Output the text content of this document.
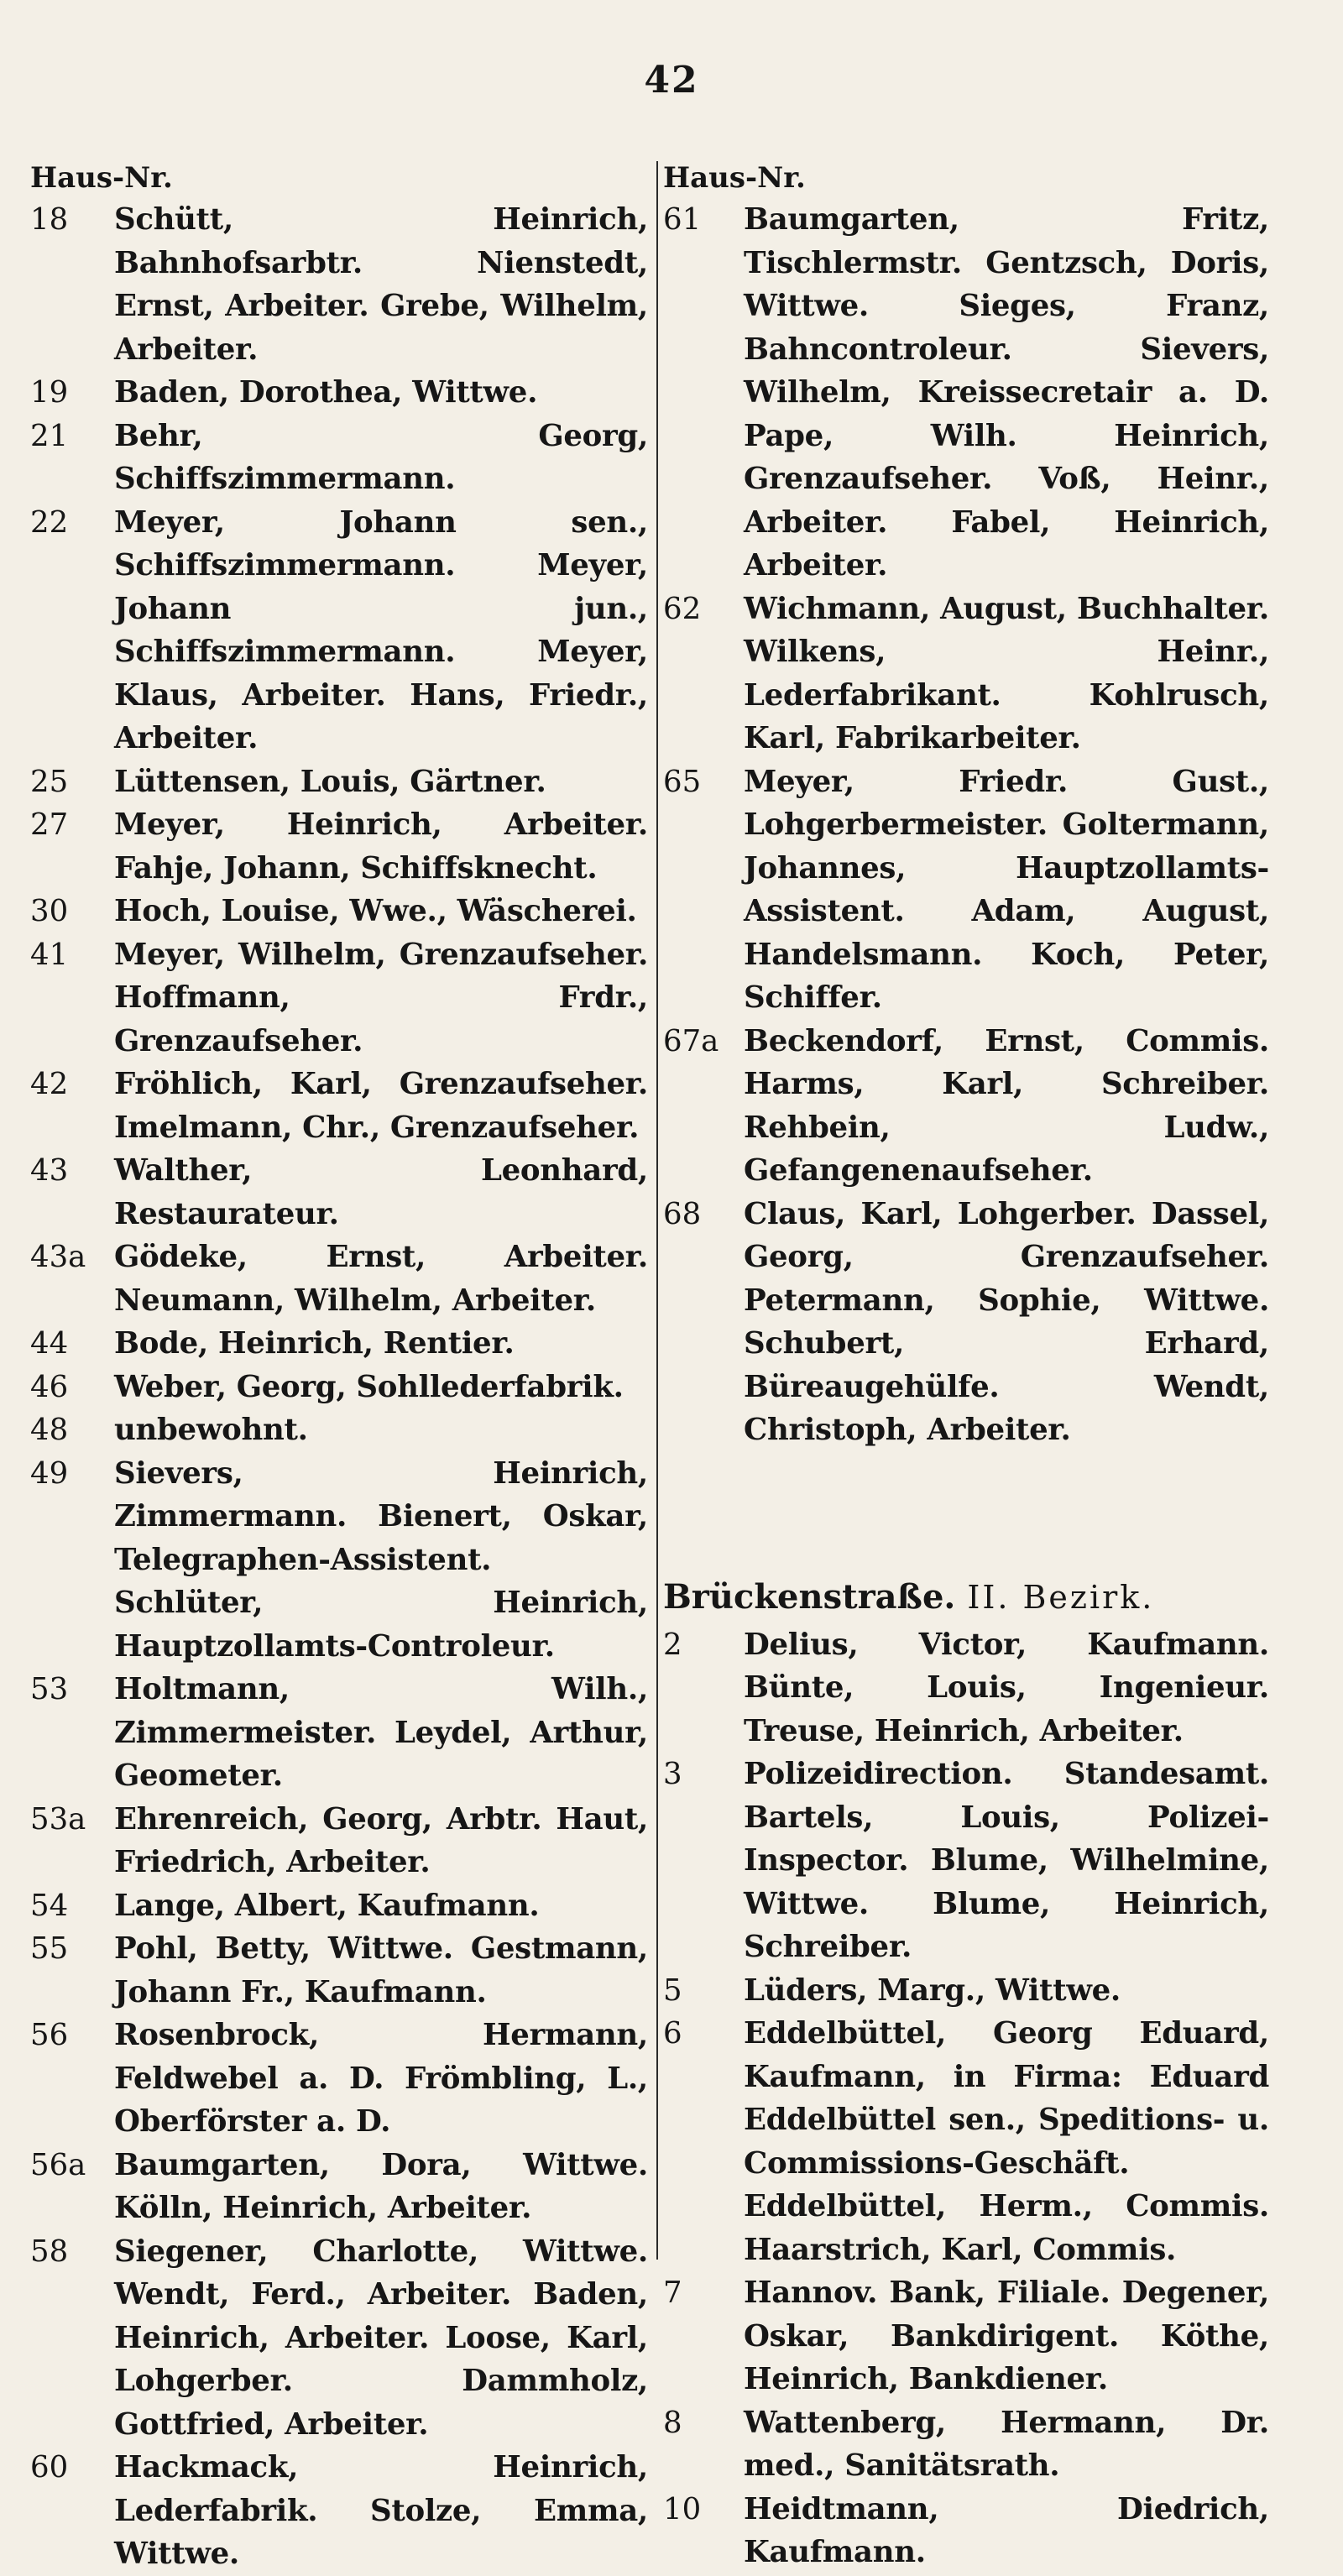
42
Haus-Nr.
18	Schütt, Heinrich, Bahnhofsarbtr. Nienstedt, Ernst, Arbeiter. Grebe, Wilhelm, Arbeiter.
19	Baden, Dorothea, Wittwe.
21	Behr, Georg, Schiffszimmermann.
22	Meyer, Johann sen., Schiffszimmermann. Meyer, Johann jun., Schiffszimmermann. Meyer, Klaus, Arbeiter. Hans, Friedr., Arbeiter.
25	Lüttensen, Louis, Gärtner.
27	Meyer, Heinrich, Arbeiter. Fahje, Johann, Schiffsknecht.
30	Hoch, Louise, Wwe., Wäscherei.
41	Meyer, Wilhelm, Grenzaufseher. Hoffmann, Frdr., Grenzaufseher.
42	Fröhlich, Karl, Grenzaufseher. Imelmann, Chr., Grenzaufseher.
43	Walther, Leonhard, Restaurateur.
43a Gödeke, Ernst, Arbeiter. Neumann, Wilhelm, Arbeiter.
44	Bode, Heinrich, Rentier.
46	Weber, Georg, Sohllederfabrik.
48	unbewohnt.
49	Sievers, Heinrich, Zimmermann. Bienert, Oskar, Telegraphen-Assistent. Schlüter, Heinrich, Hauptzollamts-Controleur.
53	Holtmann, Wilh., Zimmermeister. Leydel, Arthur, Geometer.
53a Ehrenreich, Georg, Arbtr. Haut, Friedrich, Arbeiter.
54	Lange, Albert, Kaufmann.
55	Pohl, Betty, Wittwe. Gestmann, Johann Fr., Kaufmann.
56	Rosenbrock, Hermann, Feldwebel a. D. Frömbling, L., Oberförster a. D.
56a Baumgarten, Dora, Wittwe. Kölln, Heinrich, Arbeiter.
58	Siegener, Charlotte, Wittwe. Wendt, Ferd., Arbeiter. Baden, Heinrich, Arbeiter. Loose, Karl, Lohgerber. Dammholz, Gottfried, Arbeiter.
60	Hackmack, Heinrich, Lederfabrik. Stolze, Emma, Wittwe.
Haus-Nr.
61	Baumgarten, Fritz, Tischlermstr. Gentzsch, Doris, Wittwe. Sieges, Franz, Bahncontroleur. Sievers, Wilhelm, Kreissecretair a. D. Pape, Wilh. Heinrich, Grenzaufseher. Voß, Heinr., Arbeiter. Fabel, Heinrich, Arbeiter.
62	Wichmann, August, Buchhalter. Wilkens, Heinr., Lederfabrikant. Kohlrusch, Karl, Fabrikarbeiter.
65	Meyer, Friedr. Gust., Lohgerbermeister. Goltermann, Johannes, Hauptzollamts-Assistent. Adam, August, Handelsmann. Koch, Peter, Schiffer.
67a Beckendorf, Ernst, Commis. Harms, Karl, Schreiber. Rehbein, Ludw., Gefangenenaufseher.
68	Claus, Karl, Lohgerber. Dassel, Georg, Grenzaufseher. Petermann, Sophie, Wittwe. Schubert, Erhard, Büreaugehülfe. Wendt, Christoph, Arbeiter.
Brückenstraße. II. Bezirk.
2	Delius, Victor, Kaufmann. Bünte, Louis, Ingenieur. Treuse, Heinrich, Arbeiter.
3	Polizeidirection. Standesamt. Bartels, Louis, Polizei-Inspector. Blume, Wilhelmine, Wittwe. Blume, Heinrich, Schreiber.
5	Lüders, Marg., Wittwe.
6	Eddelbüttel, Georg Eduard, Kaufmann, in Firma: Eduard Eddelbüttel sen., Speditions- u. Commissions-Geschäft. Eddelbüttel, Herm., Commis. Haarstrich, Karl, Commis.
7	Hannov. Bank, Filiale. Degener, Oskar, Bankdirigent. Köthe, Heinrich, Bankdiener.
8	Wattenberg, Hermann, Dr. med., Sanitätsrath.
10	Heidtmann, Diedrich, Kaufmann.
